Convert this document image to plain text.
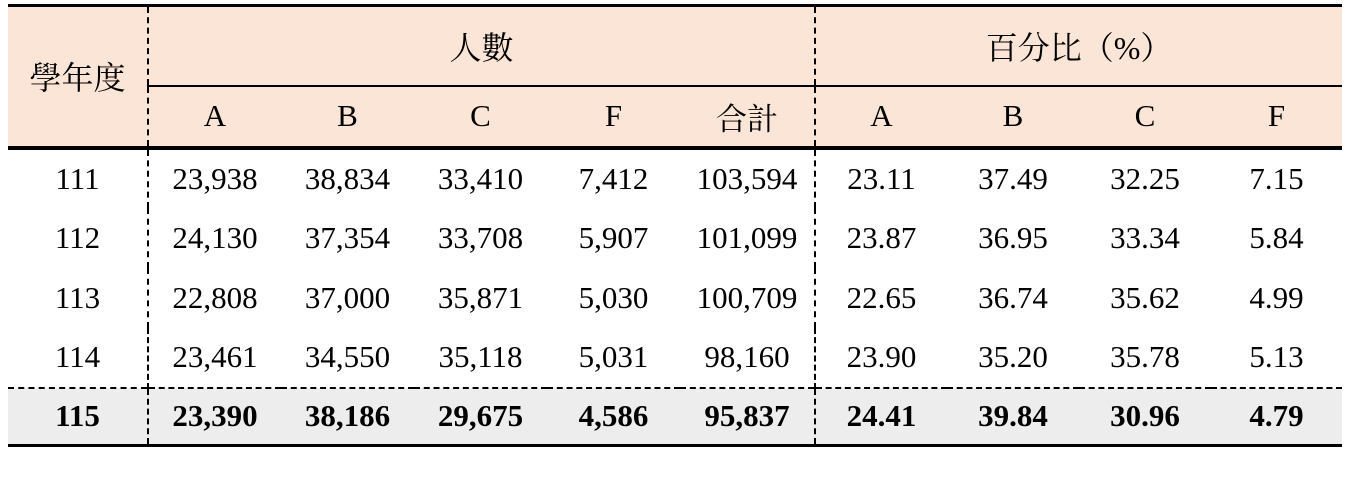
學年度	人數					百分比（%）			
	A	B	C	F	合計	A	B	C	F
111	23,938	38,834	33,410	7,412	103,594	23.11	37.49	32.25	7.15
112	24,130	37,354	33,708	5,907	101,099	23.87	36.95	33.34	5.84
113	22,808	37,000	35,871	5,030	100,709	22.65	36.74	35.62	4.99
114	23,461	34,550	35,118	5,031	98,160	23.90	35.20	35.78	5.13
115	23,390	38,186	29,675	4,586	95,837	24.41	39.84	30.96	4.79
